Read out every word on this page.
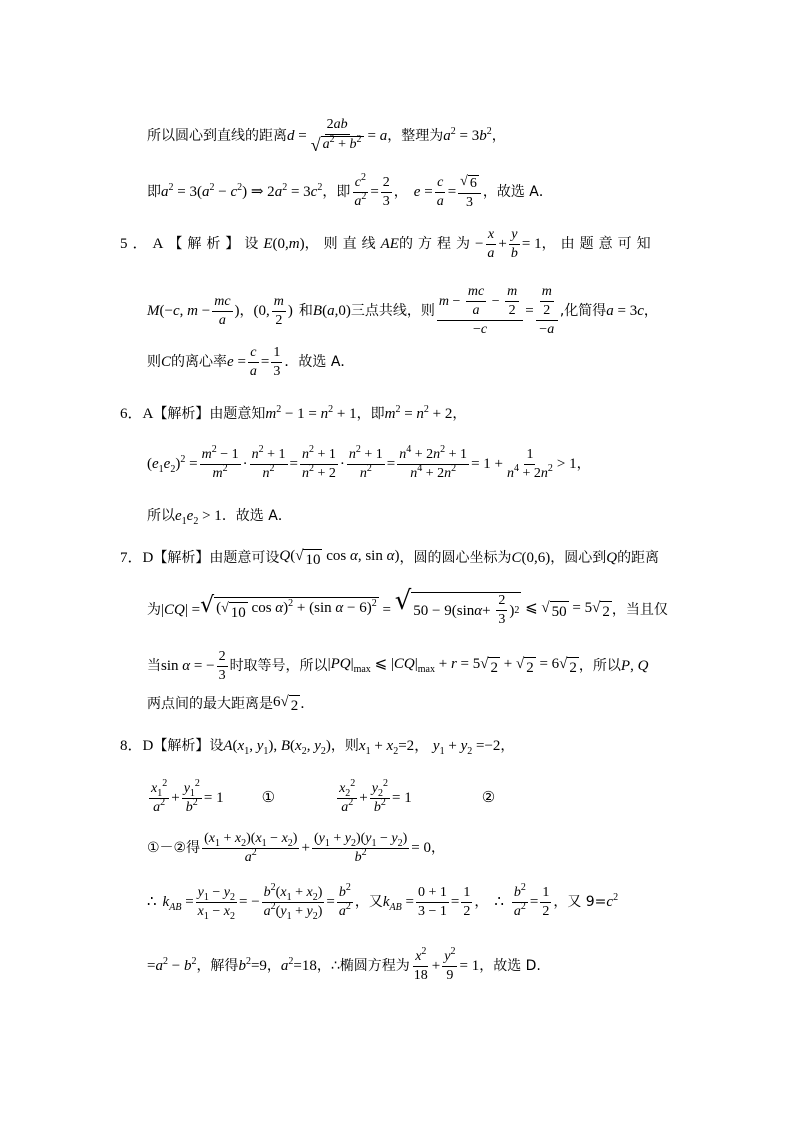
所以圆心到直线的距离 $d = \frac{2ab}{√ a^2 + b^2} = a$ ，整理为 $a^2 = 3b^2$ ，
即 $a^2 = 3(a^2 - c^2)$ ⇒ $2a^2 = 3c^2$ ，即 $\frac{c^2}{a^2} = \frac{2}{3}$ ， $e = \frac{c}{a} = \frac{√ 6}{3}$ ，故选 A．
5． A 【解析】 设 E(0,m) ，则直线 AE 的方程为 − $\frac{x}{a} + \frac{y}{b} = 1$ ，由题意可知
M(−c, $m - \frac{mc}{a}$ ) ， (0,
m
2
) 和 B(a,0) 三点共线，则
m −
mc
a
−
m
2
−c
= $\frac{\frac{m}{2}}{-a}$ ,化简得 a = 3c ，
则 C 的离心率 $e = \frac{c}{a} = \frac{1}{3}$ ．故选 A．
6． A 【解析】 由题意知 $m^2 - 1 = n^2 + 1$ ，即 $m^2 = n^2 + 2$ ，
$(e_1e_2)^2 = \frac{m^2 - 1}{m^2} \cdot \frac{n^2 + 1}{n^2} = \frac{n^2 + 1}{n^2 + 2} \cdot \frac{n^2 + 1}{n^2} = \frac{n^4 + 2n^2 + 1}{n^4 + 2n^2} = 1 + \frac{1}{n^4 + 2n^2} > 1$ ，
所以 $e_1e_2 > 1$ ．故选 A．
7． D 【解析】 由题意可设 Q( √ 10 cos α, sin α) ，圆的圆心坐标为 C(0,6) ，圆心到 Q 的距离
为 |CQ| = √ ( √ 10 cos α)$^2$ + (sin α − 6)$^2$ = √ 50 − 9(sin α +
2
3
) 2 ⩽ √ 50 = 5 √ 2 ，当且仅
当 sin α = − $\frac{2}{3}$ 时取等号，所以 $|PQ|_{max}$ ⩽ $|CQ|_{max} + r = 5$ √ 2 + √ 2 = 6 √ 2 ，所以 P, Q
两点间的最大距离是 6 √ 2 ．
8． D 【解析】 设 $A(x_1$, $y_1$), $B(x_2$, $y_2$) ，则 $x_1 + x_2=2$， $y_1 + y_2 =-2$ ，
$x_1^2$
$a^2 + \frac{y_1^2}{b^2} = 1$	①
$x_2^2$
$a^2 + \frac{y_2^2}{b^2} = 1$	②
①－②得
$(x_1 + x_2)(x_1 - x_2)$
$a^2$	+ $\frac{(y_1 + y_2)(y_1 - y_2)}{b^2} = 0$ ，
∴ $k_{AB} = \frac{y_1 - y_2}{x_1 - x_2}$ = − $\frac{b^2(x_1 + x_2)}{a^2(y_1 + y_2)} = \frac{b^2}{a^2}$ ，又 $k_{AB} = \frac{0 + 1}{3 - 1} = \frac{1}{2}$ ， ∴ $\frac{b^2}{a^2} = \frac{1}{2}$ ，又 $9= c^2$
$=a^2 - b^2$ ，解得 $b^2=9$ ， $a^2=18$ ，∴椭圆方程为
$x^2$
18
+ $\frac{y^2}{9} = 1$ ，故选 D.
